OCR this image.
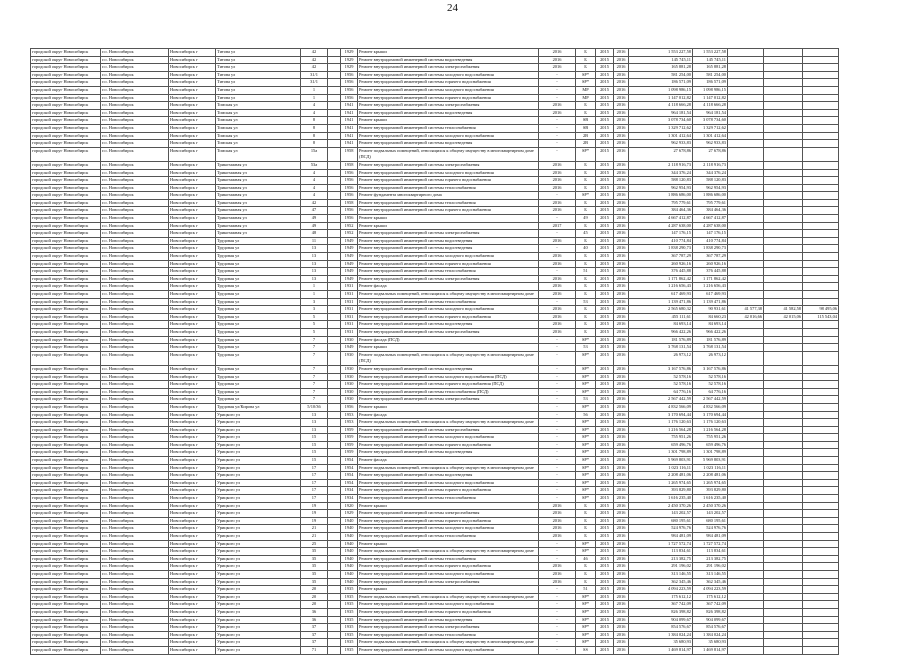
24
городской округ Новосибирск	г.о. Новосибирск	Новосибирск г	Титова ул	42		1929	Ремонт крыши	2016	Б	2015	2016	1 553 227,58	1 553 227,58			
городской округ Новосибирск	г.о. Новосибирск	Новосибирск г	Титова ул	42		1929	Ремонт внутридомовой инженерной системы водоотведения	2016	Б	2015	2016	145 745,11	145 745,11			
городской округ Новосибирск	г.о. Новосибирск	Новосибирск г	Титова ул	42		1929	Ремонт внутридомовой инженерной системы электроснабжения	2016	Б	2015	2016	165 881,28	165 881,28			
городской округ Новосибирск	г.о. Новосибирск	Новосибирск г	Титова ул	31/1		1956	Ремонт внутридомовой инженерной системы холодного водоснабжения	-	SP*	2015	2016	581 254,00	581 254,00			
городской округ Новосибирск	г.о. Новосибирск	Новосибирск г	Титова ул	31/1		1956	Ремонт внутридомовой инженерной системы горячего водоснабжения	-	SP*	2015	2016	186 571,09	186 571,09			
городской округ Новосибирск	г.о. Новосибирск	Новосибирск г	Титова ул	1		1956	Ремонт внутридомовой инженерной системы холодного водоснабжения	-	МР	2015	2016	1 098 986,15	1 098 986,15			
городской округ Новосибирск	г.о. Новосибирск	Новосибирск г	Титова ул	1		1956	Ремонт внутридомовой инженерной системы горячего водоснабжения	-	МР	2015	2016	1 147 012,82	1 147 012,82			
городской округ Новосибирск	г.о. Новосибирск	Новосибирск г	Томская ул	4		1941	Ремонт внутридомовой инженерной системы электроснабжения	2016	Б	2015	2016	4 118 666,28	4 118 666,28			
городской округ Новосибирск	г.о. Новосибирск	Новосибирск г	Томская ул	4		1941	Ремонт внутридомовой инженерной системы водоотведения	2016	Б	2015	2016	964 181,54	964 181,54			
городской округ Новосибирск	г.о. Новосибирск	Новосибирск г	Томская ул	8		1941	Ремонт крыши	-	SB	2015	2016	3 078 734,60	3 078 734,60			
городской округ Новосибирск	г.о. Новосибирск	Новосибирск г	Томская ул	8		1941	Ремонт внутридомовой инженерной системы теплоснабжения	-	SB	2015	2016	1 329 712,62	1 329 712,62			
городской округ Новосибирск	г.о. Новосибирск	Новосибирск г	Томская ул	8		1941	Ремонт внутридомовой инженерной системы холодного водоснабжения	-	2В	2015	2016	1 301 412,64	1 301 412,64			
городской округ Новосибирск	г.о. Новосибирск	Новосибирск г	Томская ул	8		1941	Ремонт внутридомовой инженерной системы водоотведения	-	2В	2015	2016	962 933,83	962 933,83			
городской округ Новосибирск	г.о. Новосибирск	Новосибирск г	Томская ул	15а		1958	Ремонт подвальных помещений, относящихся к общему имуществу в многоквартирном доме (ПСД)	-	SP*	2015	2016	27 678,86	27 678,86			
городской округ Новосибирск	г.о. Новосибирск	Новосибирск г	Трикотажная ул	53а		1958	Ремонт внутридомовой инженерной системы электроснабжения	2016	Б	2015	2016	2 118 916,73	2 118 916,73			
городской округ Новосибирск	г.о. Новосибирск	Новосибирск г	Трикотажная ул	4		1956	Ремонт внутридомовой инженерной системы холодного водоснабжения	2016	Б	2015	2016	344 376,24	344 376,24			
городской округ Новосибирск	г.о. Новосибирск	Новосибирск г	Трикотажная ул	4		1956	Ремонт внутридомовой инженерной системы горячего водоснабжения	2016	Б	2015	2016	588 120,83	588 120,83			
городской округ Новосибирск	г.о. Новосибирск	Новосибирск г	Трикотажная ул	4		1956	Ремонт внутридомовой инженерной системы теплоснабжения	2016	Б	2015	2016	962 954,93	962 954,93			
городской округ Новосибирск	г.о. Новосибирск	Новосибирск г	Трикотажная ул	4		1956	Ремонт фундамента многоквартирного дома	-	SP*	2015	2016	1 886 686,00	1 886 686,00			
городской округ Новосибирск	г.о. Новосибирск	Новосибирск г	Трикотажная ул	42		1958	Ремонт внутридомовой инженерной системы теплоснабжения	2016	Б	2015	2016	795 779,61	795 779,61			
городской округ Новосибирск	г.о. Новосибирск	Новосибирск г	Трикотажная ул	47		1956	Ремонт внутридомовой инженерной системы горячего водоснабжения	2016	Б	2015	2016	384 464,36	384 464,36			
городской округ Новосибирск	г.о. Новосибирск	Новосибирск г	Трикотажная ул	49		1956	Ремонт крыши	-	49	2015	2016	4 667 412,87	4 667 412,87			
городской округ Новосибирск	г.о. Новосибирск	Новосибирск г	Трикотажная ул	49		1952	Ремонт крыши	2017	Б	2015	2016	4 287 638,00	4 287 638,00			
городской округ Новосибирск	г.о. Новосибирск	Новосибирск г	Трикотажная ул	48		1952	Ремонт внутридомовой инженерной системы электроснабжения	-	45	2015	2016	147 176,15	147 176,15			
городской округ Новосибирск	г.о. Новосибирск	Новосибирск г	Трудовая ул	11		1949	Ремонт внутридомовой инженерной системы водоотведения	2016	Б	2015	2016	410 774,84	410 774,84			
городской округ Новосибирск	г.о. Новосибирск	Новосибирск г	Трудовая ул	13		1949	Ремонт внутридомовой инженерной системы водоотведения	-	40	2015	2016	1 838 290,73	1 838 290,73			
городской округ Новосибирск	г.о. Новосибирск	Новосибирск г	Трудовая ул	13		1949	Ремонт внутридомовой инженерной системы холодного водоснабжения	2016	Б	2015	2016	367 787,29	367 787,29			
городской округ Новосибирск	г.о. Новосибирск	Новосибирск г	Трудовая ул	13		1949	Ремонт внутридомовой инженерной системы горячего водоснабжения	2016	Б	2015	2016	260 926,16	260 926,16			
городской округ Новосибирск	г.о. Новосибирск	Новосибирск г	Трудовая ул	13		1949	Ремонт внутридомовой инженерной системы теплоснабжения	-	51	2015	2016	376 445,88	376 445,88			
городской округ Новосибирск	г.о. Новосибирск	Новосибирск г	Трудовая ул	13		1949	Ремонт внутридомовой инженерной системы электроснабжения	2016	Б	2015	2016	1 171 862,42	1 171 862,42			
городской округ Новосибирск	г.о. Новосибирск	Новосибирск г	Трудовая ул	1		1931	Ремонт фасада	2016	Б	2015	2016	1 216 656,43	1 216 656,43			
городской округ Новосибирск	г.о. Новосибирск	Новосибирск г	Трудовая ул	1		1931	Ремонт подвальных помещений, относящихся к общему имуществу в многоквартирном доме	2016	Б	2015	2016	617 469,93	617 469,93			
городской округ Новосибирск	г.о. Новосибирск	Новосибирск г	Трудовая ул	3		1931	Ремонт внутридомовой инженерной системы теплоснабжения	-	53	2015	2016	1 139 471,86	1 139 471,86			
городской округ Новосибирск	г.о. Новосибирск	Новосибирск г	Трудовая ул	3		1931	Ремонт внутридомовой инженерной системы холодного водоснабжения	2016	Б	2015	2016	2 565 680,32	90 931,61	41 577,38	41 582,58	98 495,06
городской округ Новосибирск	г.о. Новосибирск	Новосибирск г	Трудовая ул	5		1931	Ремонт внутридомовой инженерной системы горячего водоснабжения	2016	Б	2015	2016	455 111,61	84 660,23	42 016,66	42 015,06	115 543,04
городской округ Новосибирск	г.о. Новосибирск	Новосибирск г	Трудовая ул	5		1931	Ремонт внутридомовой инженерной системы водоотведения	2016	Б	2015	2016	84 693,14	84 693,14			
городской округ Новосибирск	г.о. Новосибирск	Новосибирск г	Трудовая ул	5		1931	Ремонт внутридомовой инженерной системы электроснабжения	2016	Б	2015	2016	966 422,26	966 422,26			
городской округ Новосибирск	г.о. Новосибирск	Новосибирск г	Трудовая ул	7		1930	Ремонт фасада (ПСД)	-	SP*	2015	2016	181 576,89	181 576,89			
городской округ Новосибирск	г.о. Новосибирск	Новосибирск г	Трудовая ул	7		1949	Ремонт крыши	-	53	2015	2016	3 768 131,54	3 768 131,54			
городской округ Новосибирск	г.о. Новосибирск	Новосибирск г	Трудовая ул	7		1930	Ремонт подвальных помещений, относящихся к общему имуществу в многоквартирном доме (ПСД)	-	SP*	2015	2016	26 973,12	26 973,12			
городской округ Новосибирск	г.о. Новосибирск	Новосибирск г	Трудовая ул	7		1930	Ремонт внутридомовой инженерной системы водоотведения	-	SP*	2015	2016	3 167 576,86	3 167 576,86			
городской округ Новосибирск	г.о. Новосибирск	Новосибирск г	Трудовая ул	7		1930	Ремонт внутридомовой инженерной системы холодного водоснабжения (ПСД)	-	SP*	2015	2016	52 578,16	52 578,16			
городской округ Новосибирск	г.о. Новосибирск	Новосибирск г	Трудовая ул	7		1930	Ремонт внутридомовой инженерной системы горячего водоснабжения (ПСД)	-	SP*	2015	2016	52 578,16	52 578,16			
городской округ Новосибирск	г.о. Новосибирск	Новосибирск г	Трудовая ул	7		1930	Ремонт внутридомовой инженерной системы теплоснабжения (ПСД)	-	SP*	2015	2016	64 776,16	64 776,16			
городской округ Новосибирск	г.о. Новосибирск	Новосибирск г	Трудовая ул	7		1930	Ремонт внутридомовой инженерной системы электроснабжения	-	53	2015	2016	2 567 442,59	2 567 442,59			
городской округ Новосибирск	г.о. Новосибирск	Новосибирск г	Трудовая ул/Кирова ул	5/10/36		1956	Ремонт крыши	-	SP*	2015	2016	4 832 566,09	4 832 566,09			
городской округ Новосибирск	г.о. Новосибирск	Новосибирск г	Урицкого ул	13		1953	Ремонт фасада	-	56	2015	2016	3 170 694,44	3 170 694,44			
городской округ Новосибирск	г.о. Новосибирск	Новосибирск г	Урицкого ул	13		1953	Ремонт подвальных помещений, относящихся к общему имуществу в многоквартирном доме	-	SP*	2015	2016	1 176 120,63	1 176 120,63			
городской округ Новосибирск	г.о. Новосибирск	Новосибирск г	Урицкого ул	13		1959	Ремонт внутридомовой инженерной системы электроснабжения	-	SP*	2015	2016	1 216 564,28	1 216 564,28			
городской округ Новосибирск	г.о. Новосибирск	Новосибирск г	Урицкого ул	15		1959	Ремонт внутридомовой инженерной системы холодного водоснабжения	-	SP*	2015	2016	755 951,26	755 951,26			
городской округ Новосибирск	г.о. Новосибирск	Новосибирск г	Урицкого ул	15		1959	Ремонт внутридомовой инженерной системы горячего водоснабжения	-	SP*	2015	2016	659 496,76	659 496,76			
городской округ Новосибирск	г.о. Новосибирск	Новосибирск г	Урицкого ул	15		1959	Ремонт внутридомовой инженерной системы водоотведения	-	SP*	2015	2016	1 301 798,89	1 301 798,89			
городской округ Новосибирск	г.о. Новосибирск	Новосибирск г	Урицкого ул	15		1954	Ремонт фасада	-	SP*	2015	2016	5 969 803,91	5 969 803,91			
городской округ Новосибирск	г.о. Новосибирск	Новосибирск г	Урицкого ул	17		1954	Ремонт подвальных помещений, относящихся к общему имуществу в многоквартирном доме	-	SP*	2015	2016	1 023 116,11	1 023 116,11			
городской округ Новосибирск	г.о. Новосибирск	Новосибирск г	Урицкого ул	17		1954	Ремонт внутридомовой инженерной системы водоотведения	-	SP*	2015	2016	2 208 481,06	2 208 481,06			
городской округ Новосибирск	г.о. Новосибирск	Новосибирск г	Урицкого ул	17		1954	Ремонт внутридомовой инженерной системы холодного водоснабжения	-	SP*	2015	2016	1 265 974,65	1 265 974,65			
городской округ Новосибирск	г.о. Новосибирск	Новосибирск г	Урицкого ул	17		1934	Ремонт внутридомовой инженерной системы горячего водоснабжения	-	SP*	2015	2016	393 829,80	393 829,80			
городской округ Новосибирск	г.о. Новосибирск	Новосибирск г	Урицкого ул	17		1934	Ремонт внутридомовой инженерной системы теплоснабжения	-	SP*	2015	2016	1 616 235,40	1 616 235,40			
городской округ Новосибирск	г.о. Новосибирск	Новосибирск г	Урицкого ул	19		1920	Ремонт крыши	2016	Б	2015	2016	2 450 370,26	2 450 370,26			
городской округ Новосибирск	г.о. Новосибирск	Новосибирск г	Урицкого ул	19		1929	Ремонт внутридомовой инженерной системы электроснабжения	2016	Б	2015	2016	143 202,57	143 202,57			
городской округ Новосибирск	г.о. Новосибирск	Новосибирск г	Урицкого ул	19		1940	Ремонт внутридомовой инженерной системы горячего водоснабжения	2016	Б	2015	2016	680 195,61	680 195,61			
городской округ Новосибирск	г.о. Новосибирск	Новосибирск г	Урицкого ул	21		1940	Ремонт внутридомовой инженерной системы холодного водоснабжения	2016	Б	2015	2016	524 976,76	524 976,76			
городской округ Новосибирск	г.о. Новосибирск	Новосибирск г	Урицкого ул	21		1940	Ремонт внутридомовой инженерной системы теплоснабжения	2016	Б	2015	2016	984 481,09	984 481,09			
городской округ Новосибирск	г.о. Новосибирск	Новосибирск г	Урицкого ул	25		1940	Ремонт крыши	-	SP*	2015	2016	1 727 572,74	1 727 572,74			
городской округ Новосибирск	г.о. Новосибирск	Новосибирск г	Урицкого ул	35		1940	Ремонт подвальных помещений, относящихся к общему имуществу в многоквартирном доме	-	SP*	2015	2016	113 834,61	113 834,61			
городской округ Новосибирск	г.о. Новосибирск	Новосибирск г	Урицкого ул	35		1940	Ремонт внутридомовой инженерной системы теплоснабжения	-	46	2015	2016	213 382,75	213 382,75			
городской округ Новосибирск	г.о. Новосибирск	Новосибирск г	Урицкого ул	35		1940	Ремонт внутридомовой инженерной системы горячего водоснабжения	2016	Б	2015	2016	291 196,02	291 196,02			
городской округ Новосибирск	г.о. Новосибирск	Новосибирск г	Урицкого ул	35		1940	Ремонт внутридомовой инженерной системы холодного водоснабжения	2016	Б	2015	2016	313 146,55	313 146,55			
городской округ Новосибирск	г.о. Новосибирск	Новосибирск г	Урицкого ул	35		1940	Ремонт внутридомовой инженерной системы электроснабжения	2016	Б	2015	2016	362 345,46	362 345,46			
городской округ Новосибирск	г.о. Новосибирск	Новосибирск г	Урицкого ул	20		1935	Ремонт крыши	-	51	2015	2016	4 094 223,59	4 094 223,59			
городской округ Новосибирск	г.о. Новосибирск	Новосибирск г	Урицкого ул	20		1935	Ремонт подвальных помещений, относящихся к общему имуществу в многоквартирном доме	-	SP*	2015	2016	175 612,12	175 612,12			
городской округ Новосибирск	г.о. Новосибирск	Новосибирск г	Урицкого ул	20		1935	Ремонт внутридомовой инженерной системы холодного водоснабжения	-	SP*	2015	2016	367 742,09	367 742,09			
городской округ Новосибирск	г.о. Новосибирск	Новосибирск г	Урицкого ул	36		1935	Ремонт внутридомовой инженерной системы горячего водоснабжения	-	SP*	2015	2016	826 398,82	826 398,82			
городской округ Новосибирск	г.о. Новосибирск	Новосибирск г	Урицкого ул	36		1935	Ремонт внутридомовой инженерной системы водоотведения	-	SP*	2015	2016	904 099,67	904 099,67			
городской округ Новосибирск	г.о. Новосибирск	Новосибирск г	Урицкого ул	37		1935	Ремонт внутридомовой инженерной системы электроснабжения	-	SP*	2015	2016	854 576,67	854 576,67			
городской округ Новосибирск	г.о. Новосибирск	Новосибирск г	Урицкого ул	37		1935	Ремонт внутридомовой инженерной системы теплоснабжения	-	SP*	2015	2016	1 384 024,24	1 384 024,24			
городской округ Новосибирск	г.о. Новосибирск	Новосибирск г	Урицкого ул	37		1935	Ремонт подвальных помещений, относящихся к общему имуществу в многоквартирном доме	-	SP*	2015	2016	35 680,93	35 680,93			
городской округ Новосибирск	г.о. Новосибирск	Новосибирск г	Урицкого ул	71		1935	Ремонт внутридомовой инженерной системы холодного водоснабжения	-	SS	2015	2016	1 469 814,97	1 469 814,97			
